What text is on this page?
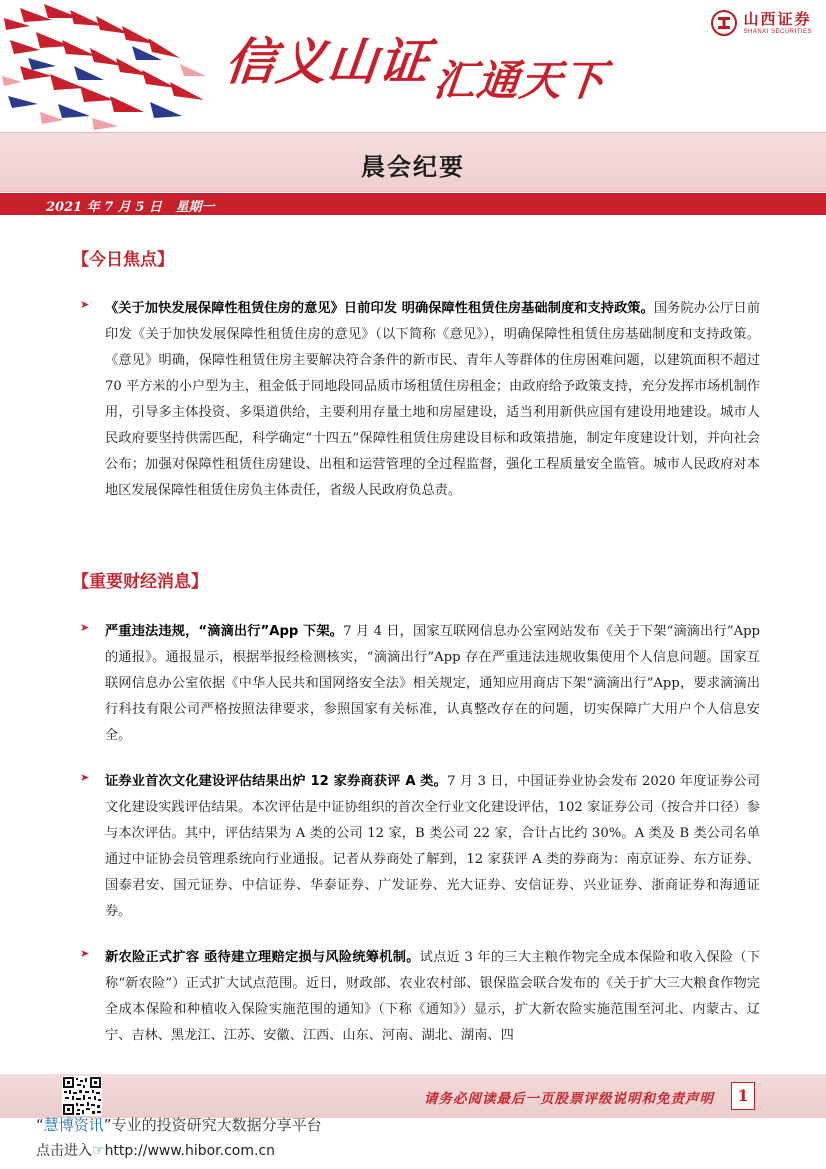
信义山证汇通天下
山西证券
SHANXI SECURITIES
晨会纪要
2021 年 7 月 5 日   星期一
【今日焦点】
➤ 《关于加快发展保障性租赁住房的意见》日前印发 明确保障性租赁住房基础制度和支持政策。国务院办公厅日前印发《关于加快发展保障性租赁住房的意见》（以下简称《意见》），明确保障性租赁住房基础制度和支持政策。《意见》明确，保障性租赁住房主要解决符合条件的新市民、青年人等群体的住房困难问题，以建筑面积不超过 70 平方米的小户型为主，租金低于同地段同品质市场租赁住房租金；由政府给予政策支持，充分发挥市场机制作用，引导多主体投资、多渠道供给，主要利用存量土地和房屋建设，适当利用新供应国有建设用地建设。城市人民政府要坚持供需匹配，科学确定“十四五”保障性租赁住房建设目标和政策措施，制定年度建设计划，并向社会公布；加强对保障性租赁住房建设、出租和运营管理的全过程监督，强化工程质量安全监管。城市人民政府对本地区发展保障性租赁住房负主体责任，省级人民政府负总责。

【重要财经消息】
➤ 严重违法违规，“滴滴出行”App 下架。7 月 4 日，国家互联网信息办公室网站发布《关于下架“滴滴出行”App 的通报》。通报显示，根据举报经检测核实，“滴滴出行”App 存在严重违法违规收集使用个人信息问题。国家互联网信息办公室依据《中华人民共和国网络安全法》相关规定，通知应用商店下架“滴滴出行”App，要求滴滴出行科技有限公司严格按照法律要求，参照国家有关标准，认真整改存在的问题，切实保障广大用户个人信息安全。

➤ 证券业首次文化建设评估结果出炉 12 家券商获评 A 类。7 月 3 日，中国证券业协会发布 2020 年度证券公司文化建设实践评估结果。本次评估是中证协组织的首次全行业文化建设评估，102 家证券公司（按合并口径）参与本次评估。其中，评估结果为 A 类的公司 12 家，B 类公司 22 家，合计占比约 30%。A 类及 B 类公司名单通过中证协会员管理系统向行业通报。记者从券商处了解到，12 家获评 A 类的券商为：南京证券、东方证券、国泰君安、国元证券、中信证券、华泰证券、广发证券、光大证券、安信证券、兴业证券、浙商证券和海通证券。

➤ 新农险正式扩容 亟待建立理赔定损与风险统筹机制。试点近 3 年的三大主粮作物完全成本保险和收入保险（下称“新农险”）正式扩大试点范围。近日，财政部、农业农村部、银保监会联合发布的《关于扩大三大粮食作物完全成本保险和种植收入保险实施范围的通知》（下称《通知》）显示，扩大新农险实施范围至河北、内蒙古、辽宁、吉林、黑龙江、江苏、安徽、江西、山东、河南、湖北、湖南、四

请务必阅读最后一页股票评级说明和免责声明	1
“慧博资讯”专业的投资研究大数据分享平台
点击进入☞http://www.hibor.com.cn
